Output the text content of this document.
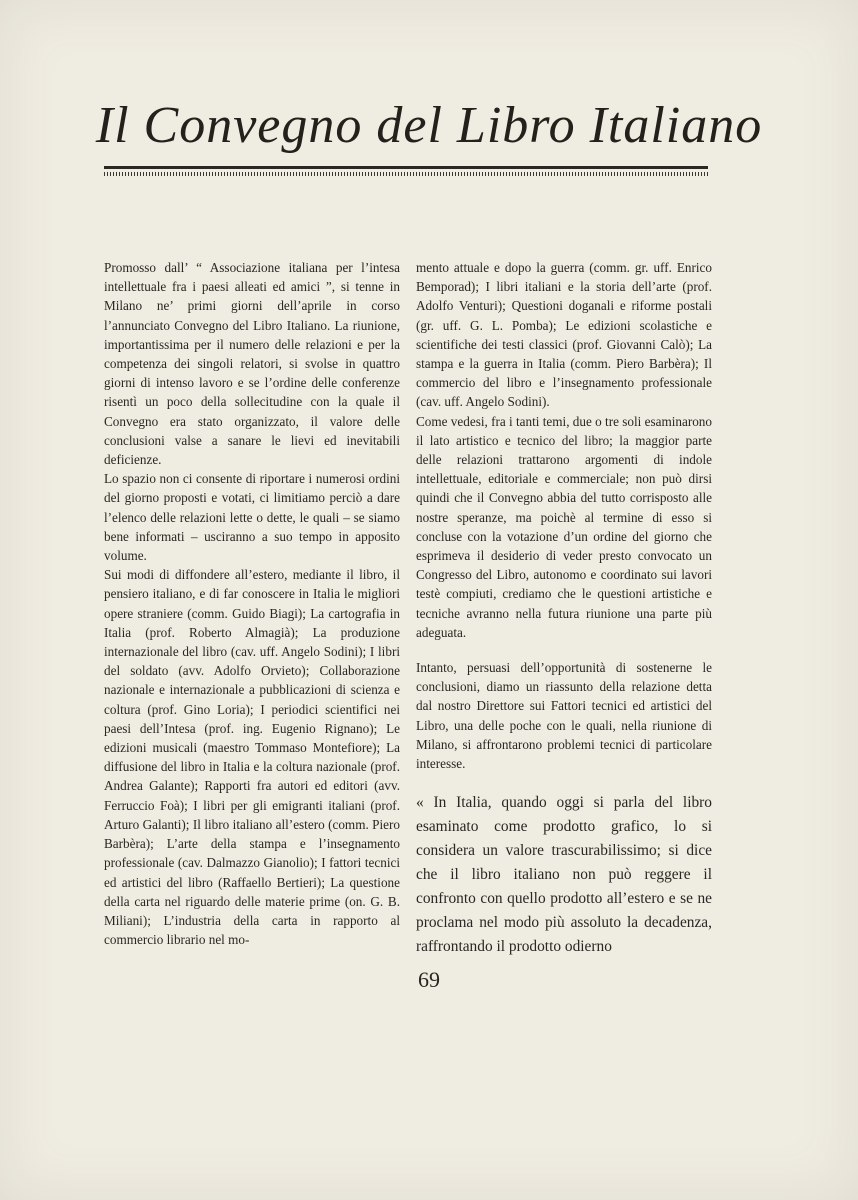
Il Convegno del Libro Italiano

Promosso dall’ “ Associazione italiana per l’intesa intellettuale fra i paesi alleati ed amici ”, si tenne in Milano ne’ primi giorni dell’aprile in corso l’annunciato Convegno del Libro Italiano. La riunione, importantissima per il numero delle relazioni e per la competenza dei singoli relatori, si svolse in quattro giorni di intenso lavoro e se l’ordine delle conferenze risentì un poco della sollecitudine con la quale il Convegno era stato organizzato, il valore delle conclusioni valse a sanare le lievi ed inevitabili deficienze.

Lo spazio non ci consente di riportare i numerosi ordini del giorno proposti e votati, ci limitiamo perciò a dare l’elenco delle relazioni lette o dette, le quali – se siamo bene informati – usciranno a suo tempo in apposito volume.

Sui modi di diffondere all’estero, mediante il libro, il pensiero italiano, e di far conoscere in Italia le migliori opere straniere (comm. Guido Biagi); La cartografia in Italia (prof. Roberto Almagià); La produzione internazionale del libro (cav. uff. Angelo Sodini); I libri del soldato (avv. Adolfo Orvieto); Collaborazione nazionale e internazionale a pubblicazioni di scienza e coltura (prof. Gino Loria); I periodici scientifici nei paesi dell’Intesa (prof. ing. Eugenio Rignano); Le edizioni musicali (maestro Tommaso Montefiore); La diffusione del libro in Italia e la coltura nazionale (prof. Andrea Galante); Rapporti fra autori ed editori (avv. Ferruccio Foà); I libri per gli emigranti italiani (prof. Arturo Galanti); Il libro italiano all’estero (comm. Piero Barbèra); L’arte della stampa e l’insegnamento professionale (cav. Dalmazzo Gianolio); I fattori tecnici ed artistici del libro (Raffaello Bertieri); La questione della carta nel riguardo delle materie prime (on. G. B. Miliani); L’industria della carta in rapporto al commercio librario nel mo-

mento attuale e dopo la guerra (comm. gr. uff. Enrico Bemporad); I libri italiani e la storia dell’arte (prof. Adolfo Venturi); Questioni doganali e riforme postali (gr. uff. G. L. Pomba); Le edizioni scolastiche e scientifiche dei testi classici (prof. Giovanni Calò); La stampa e la guerra in Italia (comm. Piero Barbèra); Il commercio del libro e l’insegnamento professionale (cav. uff. Angelo Sodini).

Come vedesi, fra i tanti temi, due o tre soli esaminarono il lato artistico e tecnico del libro; la maggior parte delle relazioni trattarono argomenti di indole intellettuale, editoriale e commerciale; non può dirsi quindi che il Convegno abbia del tutto corrisposto alle nostre speranze, ma poichè al termine di esso si concluse con la votazione d’un ordine del giorno che esprimeva il desiderio di veder presto convocato un Congresso del Libro, autonomo e coordinato sui lavori testè compiuti, crediamo che le questioni artistiche e tecniche avranno nella futura riunione una parte più adeguata.

Intanto, persuasi dell’opportunità di sostenerne le conclusioni, diamo un riassunto della relazione detta dal nostro Direttore sui Fattori tecnici ed artistici del Libro, una delle poche con le quali, nella riunione di Milano, si affrontarono problemi tecnici di particolare interesse.

« In Italia, quando oggi si parla del libro esaminato come prodotto grafico, lo si considera un valore trascurabilissimo; si dice che il libro italiano non può reggere il confronto con quello prodotto all’estero e se ne proclama nel modo più assoluto la decadenza, raffrontando il prodotto odierno

69
